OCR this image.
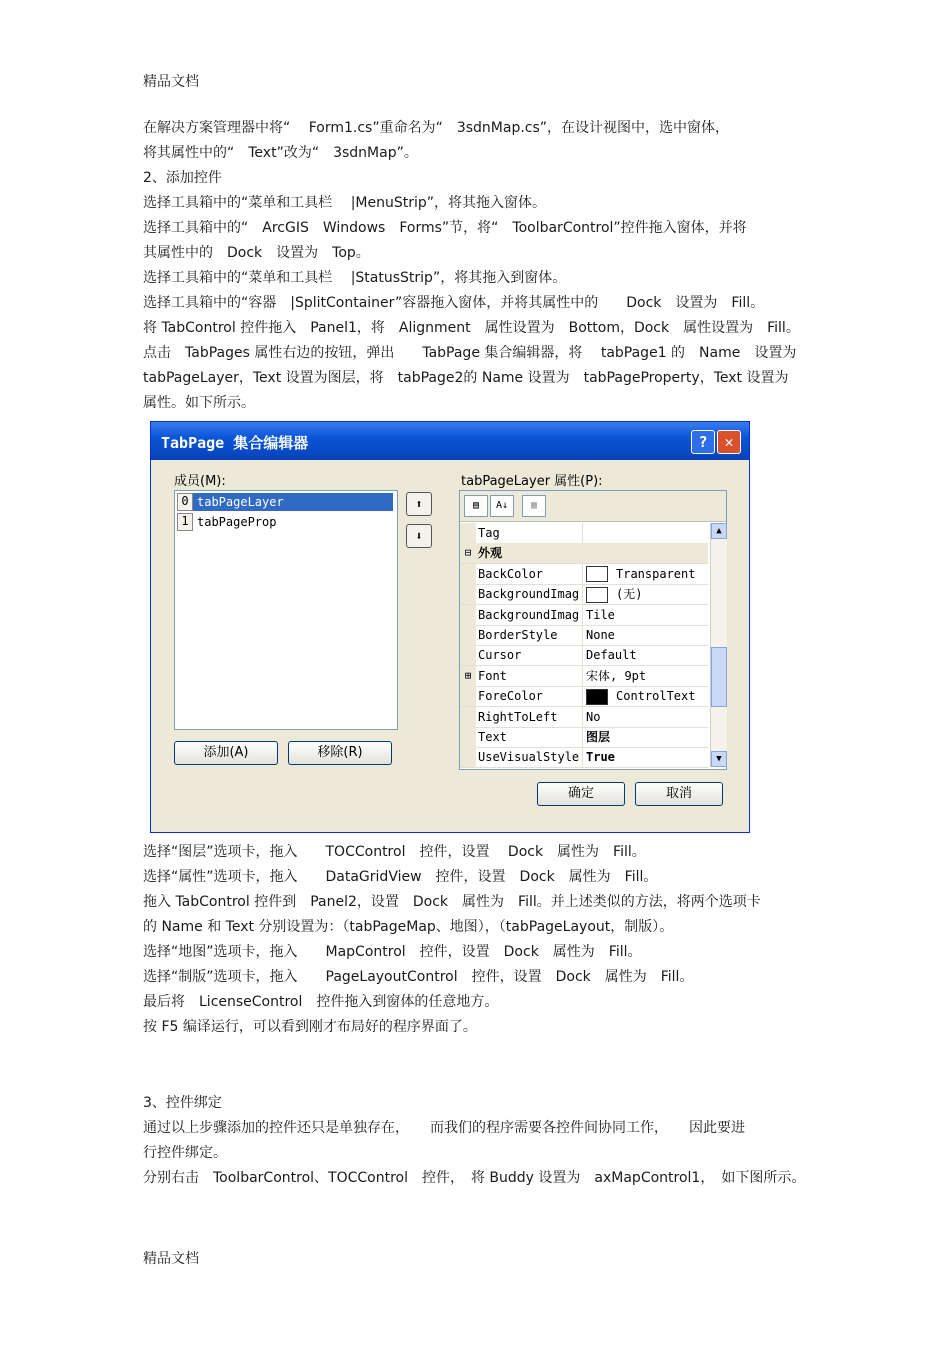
精品文档
在解决方案管理器中将“　 Form1.cs”重命名为“　3sdnMap.cs”，在设计视图中，选中窗体，
将其属性中的“　Text”改为“　3sdnMap”。
2、添加控件
选择工具箱中的“菜单和工具栏　 |MenuStrip”，将其拖入窗体。
选择工具箱中的“　ArcGIS　Windows　Forms”节，将“　ToolbarControl”控件拖入窗体，并将
其属性中的　Dock　设置为　Top。
选择工具箱中的“菜单和工具栏　 |StatusStrip”，将其拖入到窗体。
选择工具箱中的“容器　|SplitContainer”容器拖入窗体，并将其属性中的　　Dock　设置为　Fill。
将 TabControl 控件拖入　Panel1，将　Alignment　属性设置为　Bottom，Dock　属性设置为　Fill。
点击　TabPages 属性右边的按钮，弹出　　TabPage 集合编辑器，将　 tabPage1 的　Name　设置为
tabPageLayer，Text 设置为图层，将　tabPage2的 Name 设置为　tabPageProperty，Text 设置为
属性。如下所示。
TabPage 集合编辑器	?	✕
成员(M):
0 tabPageLayer
1 tabPageProp
⬆
⬇
添加(A)	移除(R)
tabPageLayer 属性(P):
▤	A↓	▦
Tag
⊟ 外观
BackColor	Transparent
BackgroundImag	(无)
BackgroundImag Tile
BorderStyle	None
Cursor	Default
⊞ Font	宋体, 9pt
ForeColor	ControlText
RightToLeft	No
Text	图层
UseVisualStyle True
▲
▼
确定	取消
选择“图层”选项卡，拖入　　TOCControl　控件，设置　 Dock　属性为　Fill。
选择“属性”选项卡，拖入　　DataGridView　控件，设置　Dock　属性为　Fill。
拖入 TabControl 控件到　Panel2，设置　Dock　属性为　Fill。并上述类似的方法，将两个选项卡
的 Name 和 Text 分别设置为：（tabPageMap、地图），（tabPageLayout，制版）。
选择“地图”选项卡，拖入　　MapControl　控件，设置　Dock　属性为　Fill。
选择“制版”选项卡，拖入　　PageLayoutControl　控件，设置　Dock　属性为　Fill。
最后将　LicenseControl　控件拖入到窗体的任意地方。
按 F5 编译运行，可以看到刚才布局好的程序界面了。
3、控件绑定
通过以上步骤添加的控件还只是单独存在，　　而我们的程序需要各控件间协同工作，　　因此要进
行控件绑定。
分别右击　ToolbarControl、TOCControl　控件，　将 Buddy 设置为　axMapControl1，　如下图所示。
精品文档
